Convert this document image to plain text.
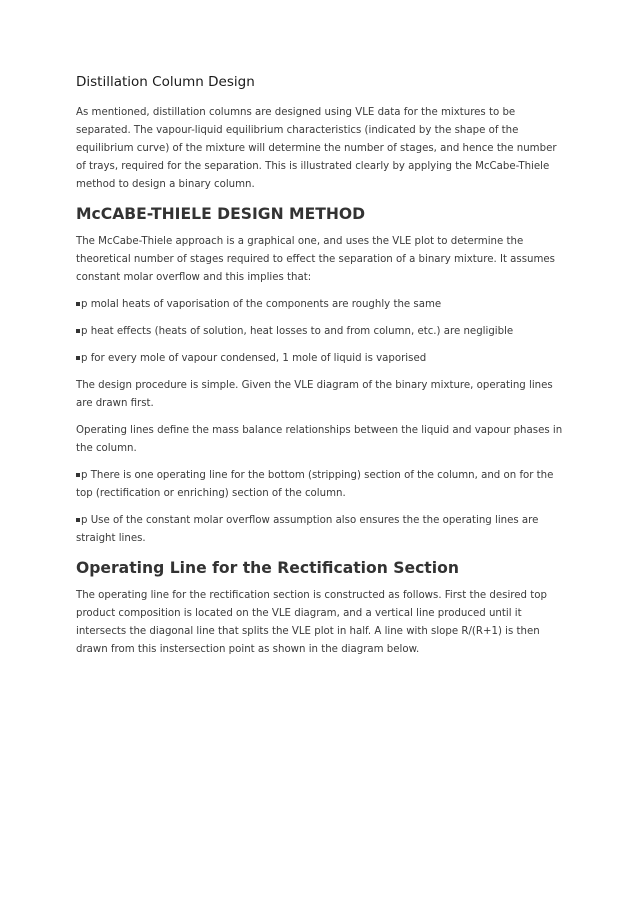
Distillation Column Design

As mentioned, distillation columns are designed using VLE data for the mixtures to be separated. The vapour-liquid equilibrium characteristics (indicated by the shape of the equilibrium curve) of the mixture will determine the number of stages, and hence the number of trays, required for the separation. This is illustrated clearly by applying the McCabe-Thiele method to design a binary column.

McCABE-THIELE DESIGN METHOD

The McCabe-Thiele approach is a graphical one, and uses the VLE plot to determine the theoretical number of stages required to effect the separation of a binary mixture. It assumes constant molar overflow and this implies that:

p molal heats of vaporisation of the components are roughly the same

p heat effects (heats of solution, heat losses to and from column, etc.) are negligible

p for every mole of vapour condensed, 1 mole of liquid is vaporised

The design procedure is simple. Given the VLE diagram of the binary mixture, operating lines are drawn first.

Operating lines define the mass balance relationships between the liquid and vapour phases in the column.

p There is one operating line for the bottom (stripping) section of the column, and on for the top (rectification or enriching) section of the column.

p Use of the constant molar overflow assumption also ensures the the operating lines are straight lines.

Operating Line for the Rectification Section

The operating line for the rectification section is constructed as follows. First the desired top product composition is located on the VLE diagram, and a vertical line produced until it intersects the diagonal line that splits the VLE plot in half. A line with slope R/(R+1) is then drawn from this instersection point as shown in the diagram below.
